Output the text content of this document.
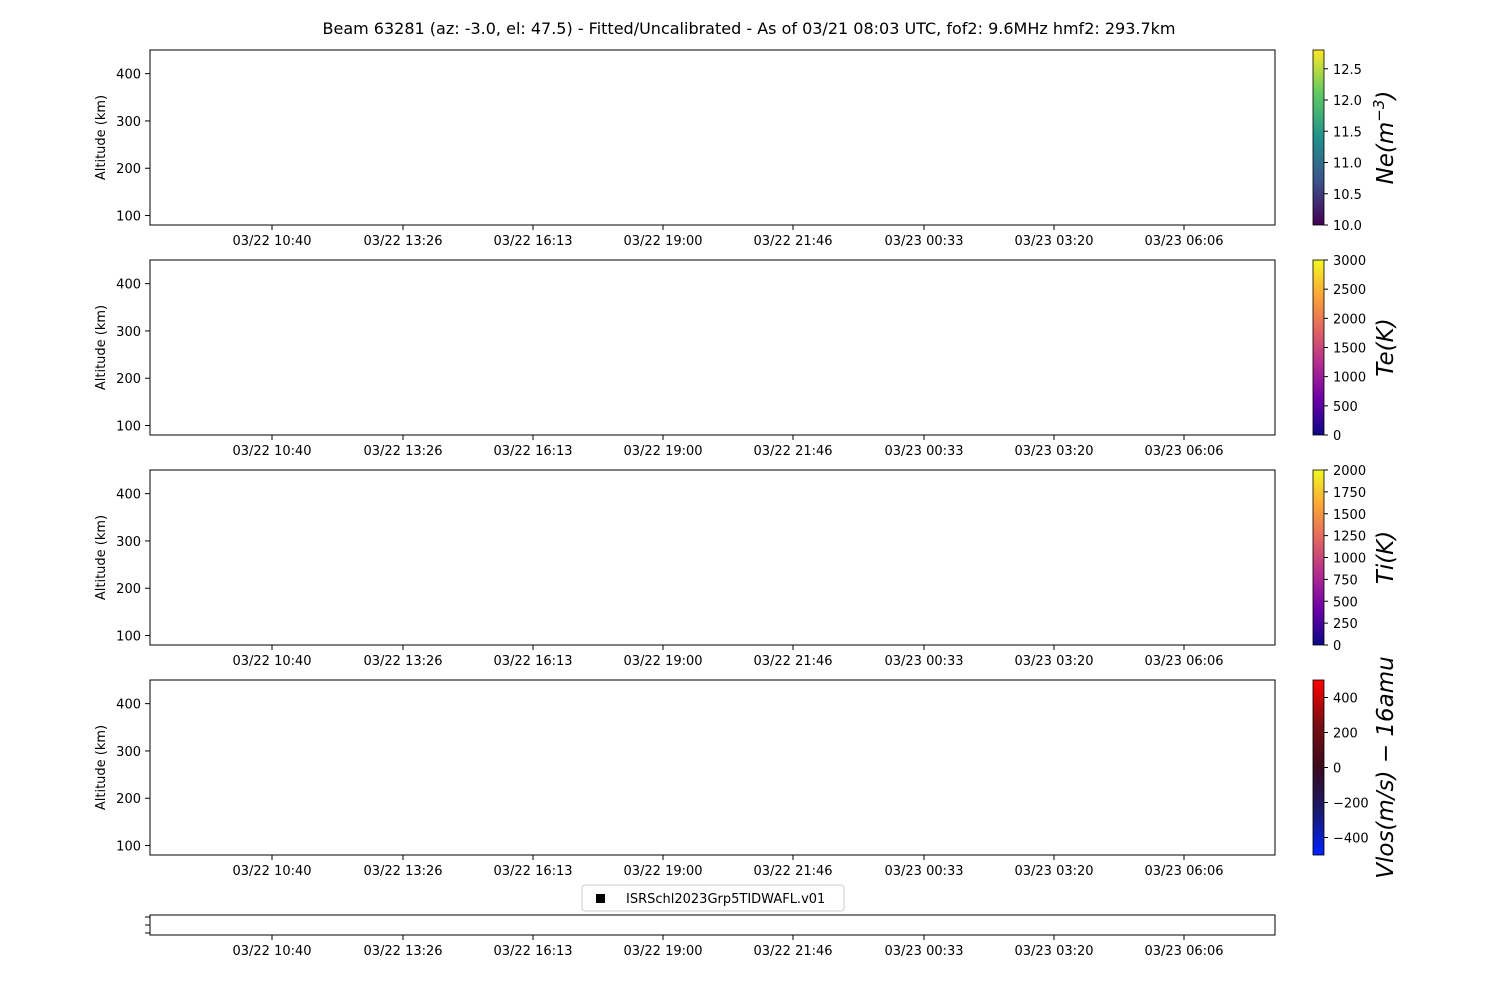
Beam 63281 (az: -3.0, el: 47.5) - Fitted/Uncalibrated - As of 03/21 08:03 UTC, fof2: 9.6MHz hmf2: 293.7km
100
200
300
400
Altitude (km)
03/22 10:40	03/22 13:26	03/22 16:13	03/22 19:00	03/22 21:46	03/23 00:33	03/23 03:20	03/23 06:06
10.0
10.5
11.0
11.5
12.0
12.5
$Ne(m^{-3})$
100
200
300
400
Altitude (km)
03/22 10:40	03/22 13:26	03/22 16:13	03/22 19:00	03/22 21:46	03/23 00:33	03/23 03:20	03/23 06:06
0
500
1000
1500
2000
2500
3000
Te(K)
100
200
300
400
Altitude (km)
03/22 10:40	03/22 13:26	03/22 16:13	03/22 19:00	03/22 21:46	03/23 00:33	03/23 03:20	03/23 06:06
0
250
500
750
1000
1250
1500
1750
2000
Ti(K)
100
200
300
400
Altitude (km)
03/22 10:40	03/22 13:26	03/22 16:13	03/22 19:00	03/22 21:46	03/23 00:33	03/23 03:20	03/23 06:06
−400
−200
0
200
400 Vlos(m/s) − 16amu
03/22 10:40	03/22 13:26	03/22 16:13	03/22 19:00	03/22 21:46	03/23 00:33	03/23 03:20	03/23 06:06
ISRSchl2023Grp5TIDWAFL.v01
